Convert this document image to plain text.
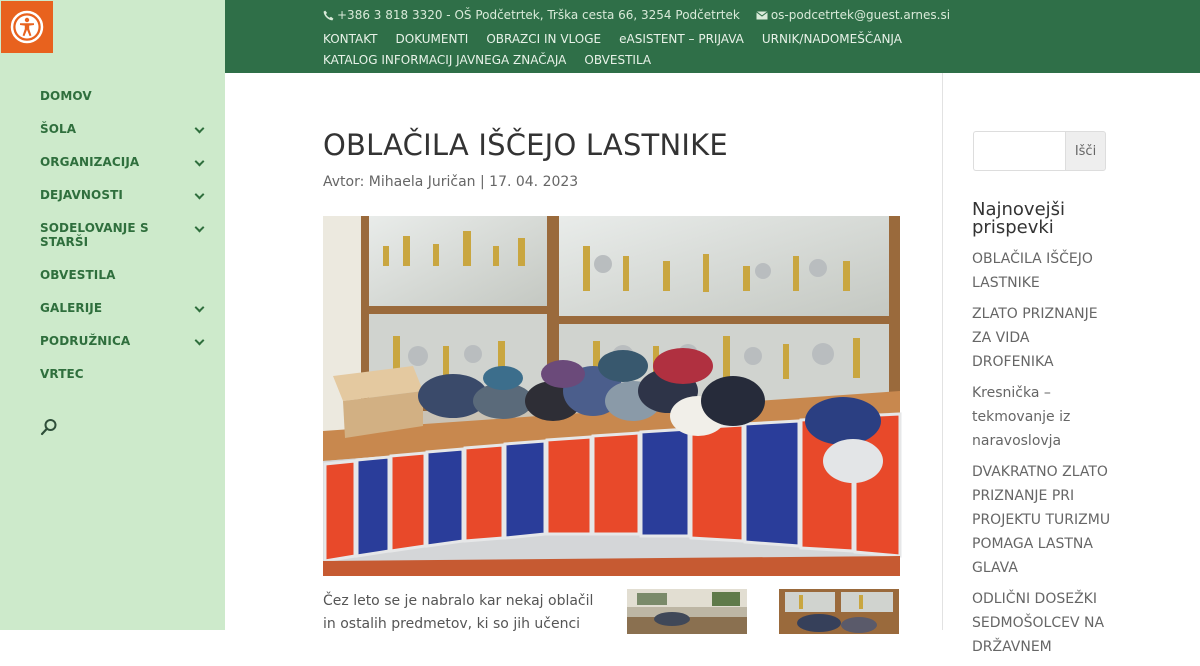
DOMOV
ŠOLA
ORGANIZACIJA
DEJAVNOSTI
SODELOVANJE S STARŠI
OBVESTILA
GALERIJE
PODRUŽNICA
VRTEC
+386 3 818 3320 - OŠ Podčetrtek, Trška cesta 66, 3254 Podčetrtek	os-podcetrtek@guest.arnes.si
KONTAKT DOKUMENTI OBRAZCI IN VLOGE eASISTENT – PRIJAVA URNIK/NADOMEŠČANJA
KATALOG INFORMACIJ JAVNEGA ZNAČAJA OBVESTILA
OBLAČILA IŠČEJO LASTNIKE
Avtor: Mihaela Juričan | 17. 04. 2023

Čez leto se je nabralo kar nekaj oblačil in ostalih predmetov, ki so jih učenci

Išči
Najnovejši prispevki
OBLAČILA IŠČEJO LASTNIKE
ZLATO PRIZNANJE ZA VIDA DROFENIKA
Kresnička – tekmovanje iz naravoslovja
DVAKRATNO ZLATO PRIZNANJE PRI PROJEKTU TURIZMU POMAGA LASTNA GLAVA
ODLIČNI DOSEŽKI SEDMOŠOLCEV NA DRŽAVNEM
